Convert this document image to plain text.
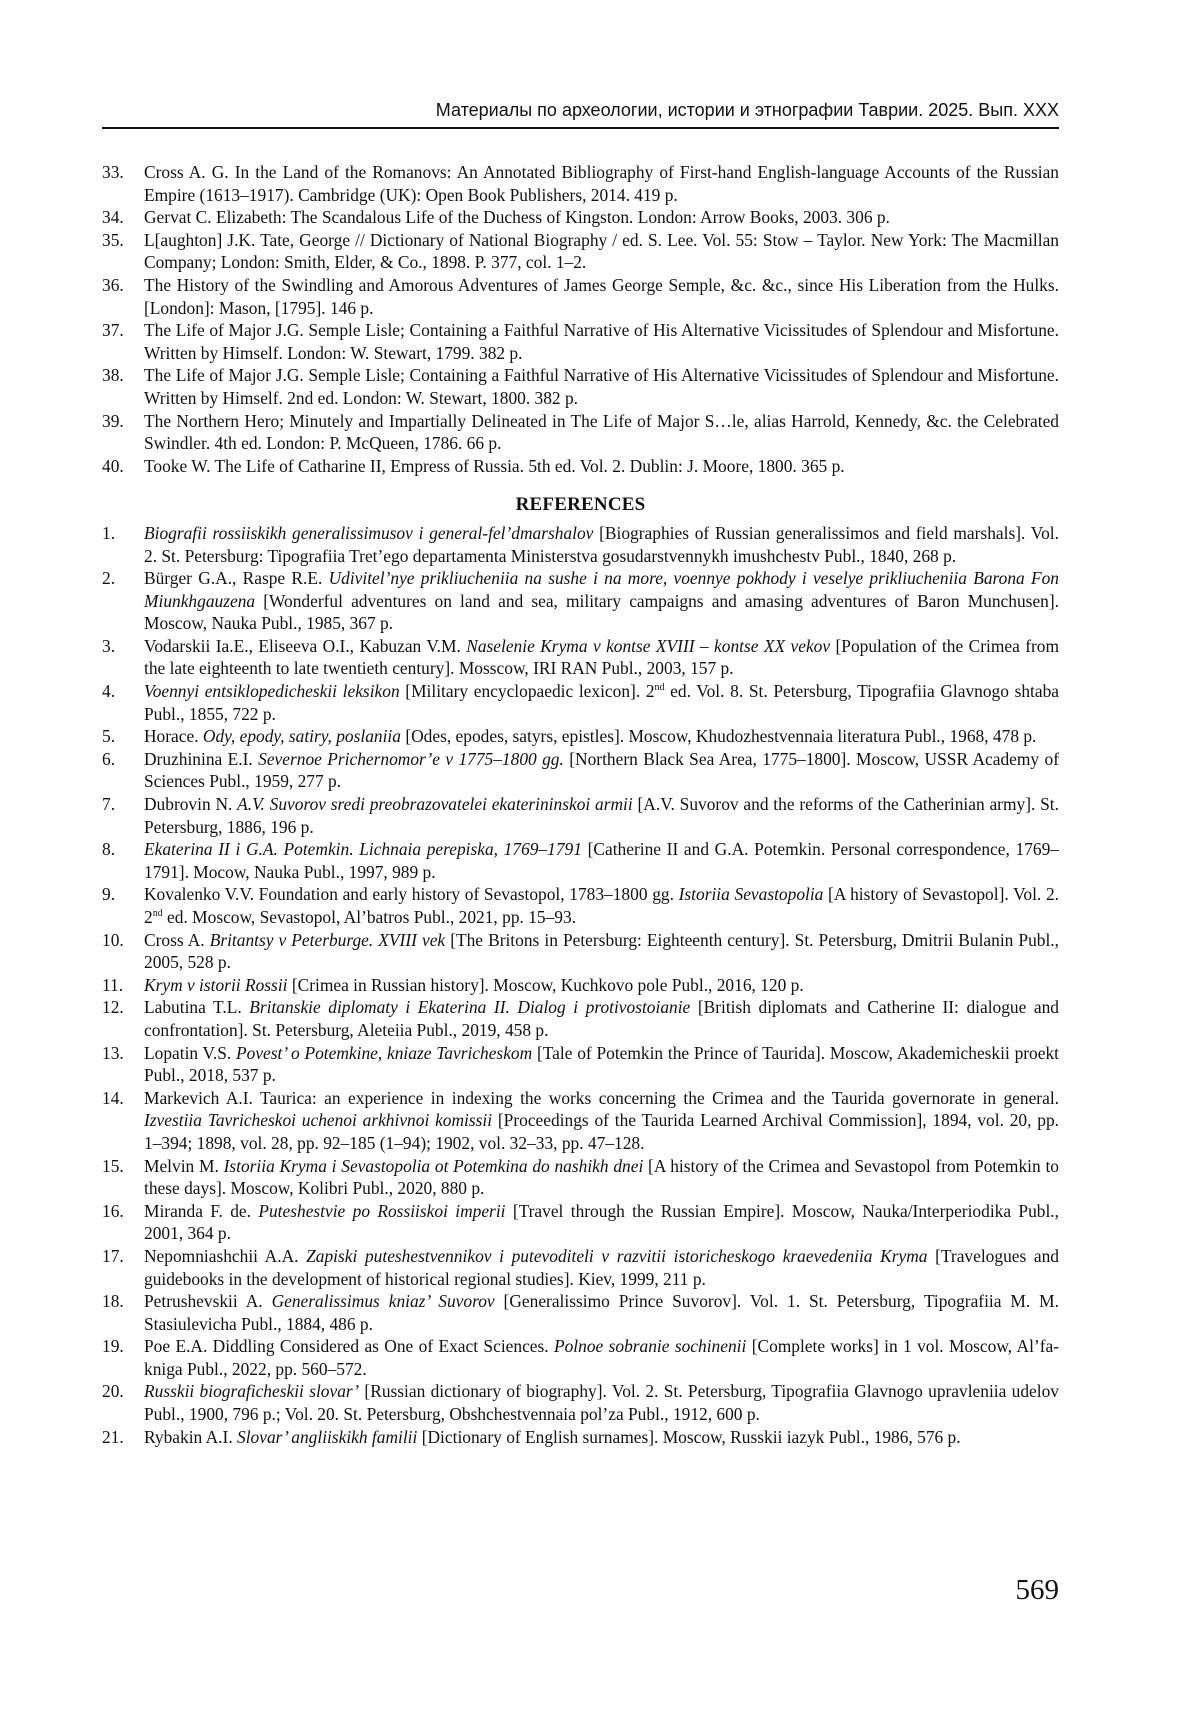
Материалы по археологии, истории и этнографии Таврии. 2025. Вып. XXX
33.	Cross A. G. In the Land of the Romanovs: An Annotated Bibliography of First-hand English-language Accounts of the Russian Empire (1613–1917). Cambridge (UK): Open Book Publishers, 2014. 419 p.
34.	Gervat C. Elizabeth: The Scandalous Life of the Duchess of Kingston. London: Arrow Books, 2003. 306 p.
35.	L[aughton] J.K. Tate, George // Dictionary of National Biography / ed. S. Lee. Vol. 55: Stow – Taylor. New York: The Macmillan Company; London: Smith, Elder, & Co., 1898. P. 377, col. 1–2.
36.	The History of the Swindling and Amorous Adventures of James George Semple, &c. &c., since His Liberation from the Hulks. [London]: Mason, [1795]. 146 p.
37.	The Life of Major J.G. Semple Lisle; Containing a Faithful Narrative of His Alternative Vicissitudes of Splendour and Misfortune. Written by Himself. London: W. Stewart, 1799. 382 p.
38.	The Life of Major J.G. Semple Lisle; Containing a Faithful Narrative of His Alternative Vicissitudes of Splendour and Misfortune. Written by Himself. 2nd ed. London: W. Stewart, 1800. 382 p.
39.	The Northern Hero; Minutely and Impartially Delineated in The Life of Major S…le, alias Harrold, Kennedy, &c. the Celebrated Swindler. 4th ed. London: P. McQueen, 1786. 66 p.
40.	Tooke W. The Life of Catharine II, Empress of Russia. 5th ed. Vol. 2. Dublin: J. Moore, 1800. 365 p.
REFERENCES
1.	Biografii rossiiskikh generalissimusov i general-fel’dmarshalov [Biographies of Russian generalissimos and field marshals]. Vol. 2. St. Petersburg: Tipografiia Tret’ego departamenta Ministerstva gosudarstvennykh imushchestv Publ., 1840, 268 p.
2.	Bürger G.A., Raspe R.E. Udivitel’nye prikliucheniia na sushe i na more, voennye pokhody i veselye prikliucheniia Barona Fon Miunkhgauzena [Wonderful adventures on land and sea, military campaigns and amasing adventures of Baron Munchusen]. Moscow, Nauka Publ., 1985, 367 p.
3.	Vodarskii Ia.E., Eliseeva O.I., Kabuzan V.M. Naselenie Kryma v kontse XVIII – kontse XX vekov [Population of the Crimea from the late eighteenth to late twentieth century]. Mosscow, IRI RAN Publ., 2003, 157 p.
4.	Voennyi entsiklopedicheskii leksikon [Military encyclopaedic lexicon]. 2nd ed. Vol. 8. St. Petersburg, Tipografiia Glavnogo shtaba Publ., 1855, 722 p.
5.	Horace. Ody, epody, satiry, poslaniia [Odes, epodes, satyrs, epistles]. Moscow, Khudozhestvennaia literatura Publ., 1968, 478 p.
6.	Druzhinina E.I. Severnoe Prichernomor’e v 1775–1800 gg. [Northern Black Sea Area, 1775–1800]. Moscow, USSR Academy of Sciences Publ., 1959, 277 p.
7.	Dubrovin N. A.V. Suvorov sredi preobrazovatelei ekaterininskoi armii [A.V. Suvorov and the reforms of the Catherinian army]. St. Petersburg, 1886, 196 p.
8.	Ekaterina II i G.A. Potemkin. Lichnaia perepiska, 1769–1791 [Catherine II and G.A. Potemkin. Personal correspondence, 1769–1791]. Mocow, Nauka Publ., 1997, 989 p.
9.	Kovalenko V.V. Foundation and early history of Sevastopol, 1783–1800 gg. Istoriia Sevastopolia [A history of Sevastopol]. Vol. 2. 2nd ed. Moscow, Sevastopol, Al’batros Publ., 2021, pp. 15–93.
10.	Cross A. Britantsy v Peterburge. XVIII vek [The Britons in Petersburg: Eighteenth century]. St. Petersburg, Dmitrii Bulanin Publ., 2005, 528 p.
11.	Krym v istorii Rossii [Crimea in Russian history]. Moscow, Kuchkovo pole Publ., 2016, 120 p.
12.	Labutina T.L. Britanskie diplomaty i Ekaterina II. Dialog i protivostoianie [British diplomats and Catherine II: dialogue and confrontation]. St. Petersburg, Aleteiia Publ., 2019, 458 p.
13.	Lopatin V.S. Povest’ o Potemkine, kniaze Tavricheskom [Tale of Potemkin the Prince of Taurida]. Moscow, Akademicheskii proekt Publ., 2018, 537 p.
14.	Markevich A.I. Taurica: an experience in indexing the works concerning the Crimea and the Taurida governorate in general. Izvestiia Tavricheskoi uchenoi arkhivnoi komissii [Proceedings of the Taurida Learned Archival Commission], 1894, vol. 20, pp. 1–394; 1898, vol. 28, pp. 92–185 (1–94); 1902, vol. 32–33, pp. 47–128.
15.	Melvin M. Istoriia Kryma i Sevastopolia ot Potemkina do nashikh dnei [A history of the Crimea and Sevastopol from Potemkin to these days]. Moscow, Kolibri Publ., 2020, 880 p.
16.	Miranda F. de. Puteshestvie po Rossiiskoi imperii [Travel through the Russian Empire]. Moscow, Nauka/Interperiodika Publ., 2001, 364 p.
17.	Nepomniashchii A.A. Zapiski puteshestvennikov i putevoditeli v razvitii istoricheskogo kraevedeniia Kryma [Travelogues and guidebooks in the development of historical regional studies]. Kiev, 1999, 211 p.
18.	Petrushevskii A. Generalissimus kniaz’ Suvorov [Generalissimo Prince Suvorov]. Vol. 1. St. Petersburg, Tipografiia M. M. Stasiulevicha Publ., 1884, 486 p.
19.	Poe E.A. Diddling Considered as One of Exact Sciences. Polnoe sobranie sochinenii [Complete works] in 1 vol. Moscow, Al’fa-kniga Publ., 2022, pp. 560–572.
20.	Russkii biograficheskii slovar’ [Russian dictionary of biography]. Vol. 2. St. Petersburg, Tipografiia Glavnogo upravleniia udelov Publ., 1900, 796 p.; Vol. 20. St. Petersburg, Obshchestvennaia pol’za Publ., 1912, 600 p.
21.	Rybakin A.I. Slovar’ angliiskikh familii [Dictionary of English surnames]. Moscow, Russkii iazyk Publ., 1986, 576 p.
569
